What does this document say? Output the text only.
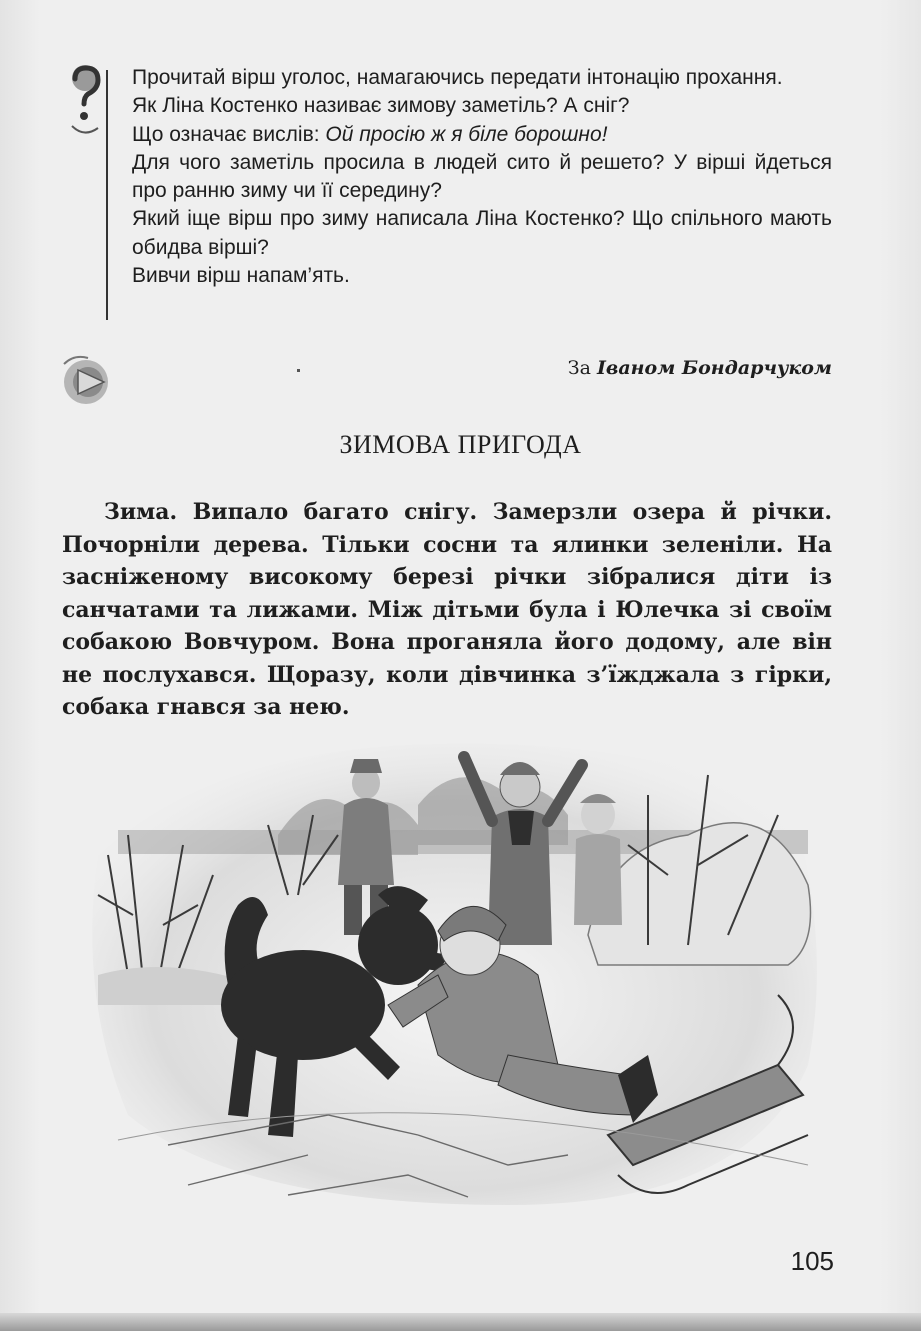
Прочитай вірш уголос, намагаючись передати інтонацію прохання.

Як Ліна Костенко називає зимову заметіль? А сніг?

Що означає вислів: Ой просію ж я біле борошно!

Для чого заметіль просила в людей сито й решето? У вірші йдеться про ранню зиму чи її середину?

Який іще вірш про зиму написала Ліна Костенко? Що спільного мають обидва вірші?

Вивчи вірш напам’ять.

За Іваном Бондарчуком
ЗИМОВА ПРИГОДА

Зима. Випало багато снігу. Замерзли озера й річки. Почорніли дерева. Тільки сосни та ялинки зеленіли. На засніженому високому березі річки зібралися діти із санчатами та лижами. Між дітьми була і Юлечка зі своїм собакою Вовчуром. Вона проганяла його додому, але він не послухався. Щоразу, коли дівчинка з’їжджала з гірки, собака гнався за нею.

105
